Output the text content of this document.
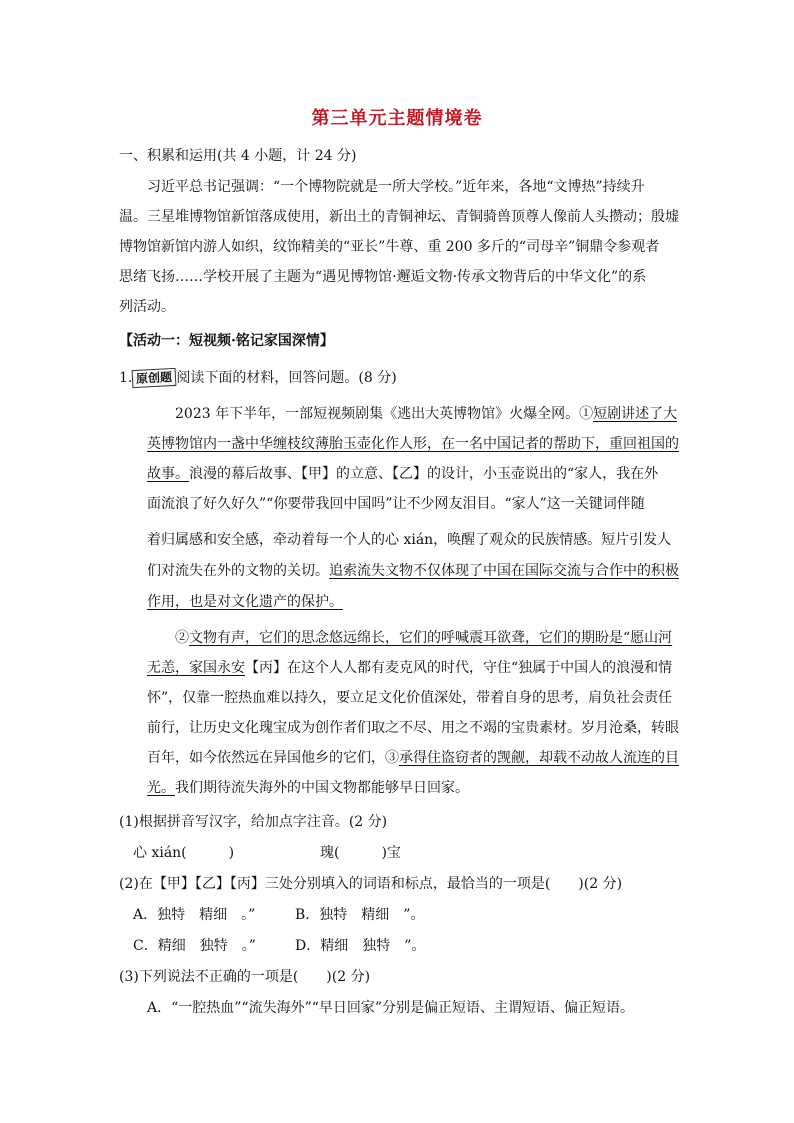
第三单元主题情境卷
一、积累和运用(共 4 小题，计 24 分)
习近平总书记强调：“一个博物院就是一所大学校。”近年来，各地“文博热”持续升
温。三星堆博物馆新馆落成使用，新出土的青铜神坛、青铜骑兽顶尊人像前人头攒动；殷墟
博物馆新馆内游人如织，纹饰精美的“亚长”牛尊、重 200 多斤的“司母辛”铜鼎令参观者
思绪飞扬……学校开展了主题为“遇见博物馆·邂逅文物·传承文物背后的中华文化”的系
列活动。
【活动一：短视频·铭记家国深情】
1. 原创题 阅读下面的材料，回答问题。(8 分)
2023 年下半年，一部短视频剧集《逃出大英博物馆》火爆全网。①短剧讲述了大
英博物馆内一盏中华缠枝纹薄胎玉壶化作人形，在一名中国记者的帮助下，重回祖国的
故事。浪漫的幕后故事、【甲】的立意、【乙】的设计，小玉壶说出的“家人，我在外
面流浪了好久好久”“你要带我回中国吗”让不少网友泪目。“家人”这一关键词伴随
着归属感和安全感，牵动着每一个人的心 xián，唤醒了观众的民族情感。短片引发人
们对流失在外的文物的关切。追索流失文物不仅体现了中国在国际交流与合作中的积极
作用，也是对文化遗产的保护。
②文物有声，它们的思念悠远绵长，它们的呼喊震耳欲聋，它们的期盼是“愿山河
无恙，家国永安【丙】在这个人人都有麦克风的时代，守住“独属于中国人的浪漫和情
怀”，仅靠一腔热血难以持久，要立足文化价值深处，带着自身的思考，肩负社会责任
前行，让历史文化瑰宝成为创作者们取之不尽、用之不竭的宝贵素材。岁月沧桑，转眼
百年，如今依然远在异国他乡的它们，③承得住盗窃者的觊觎，却载不动故人流连的目
光。我们期待流失海外的中国文物都能够早日回家。
(1)根据拼音写汉字，给加点字注音。(2 分)
心 xián(　　　)	瑰(　　　)宝
(2)在【甲】【乙】【丙】三处分别填入的词语和标点，最恰当的一项是(　　)(2 分)
A．独特　精细　。”	B．独特　精细　”。
C．精细　独特　。”	D．精细　独特　”。
(3)下列说法不正确的一项是(　　)(2 分)
A．“一腔热血”“流失海外”“早日回家”分别是偏正短语、主谓短语、偏正短语。
